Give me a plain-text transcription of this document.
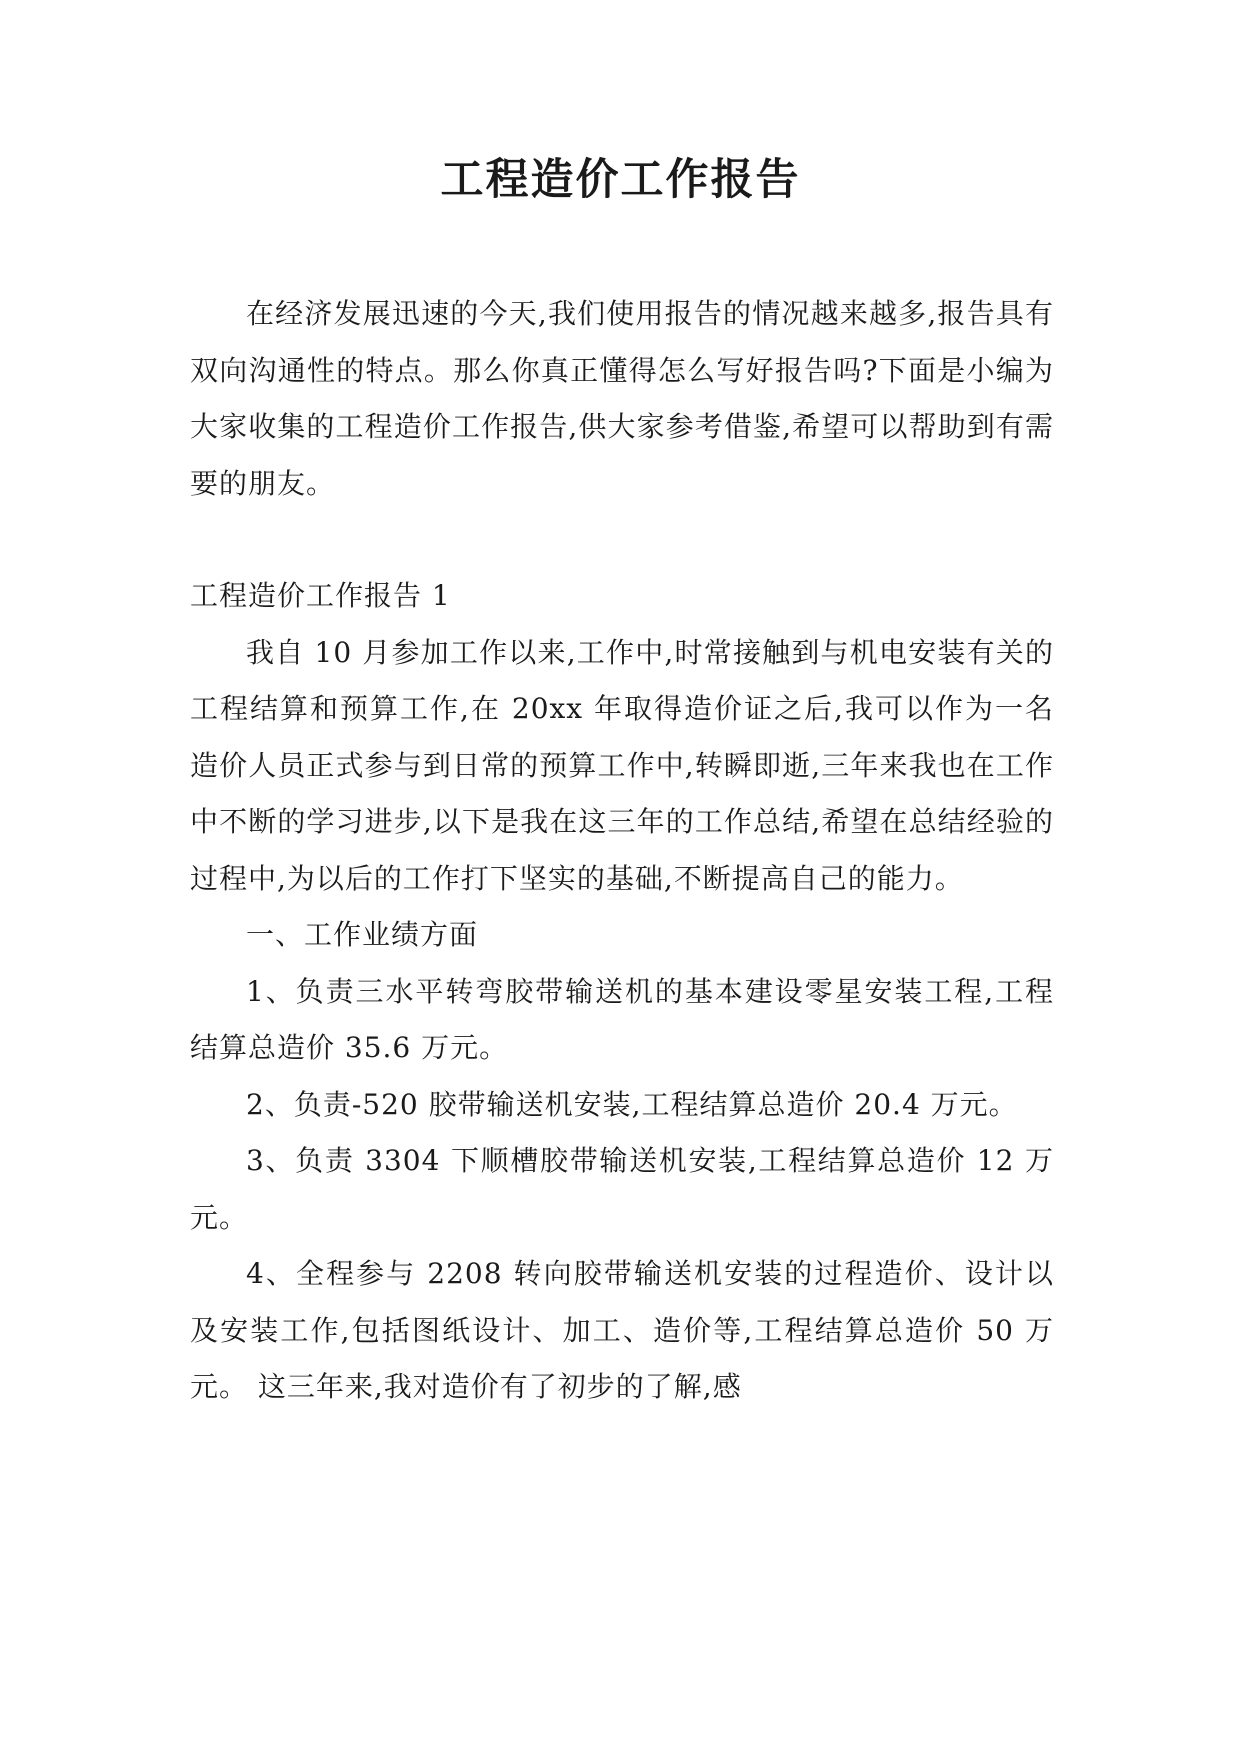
工程造价工作报告

在经济发展迅速的今天,我们使用报告的情况越来越多,报告具有双向沟通性的特点。那么你真正懂得怎么写好报告吗?下面是小编为大家收集的工程造价工作报告,供大家参考借鉴,希望可以帮助到有需要的朋友。

工程造价工作报告 1

我自 10 月参加工作以来,工作中,时常接触到与机电安装有关的工程结算和预算工作,在 20xx 年取得造价证之后,我可以作为一名造价人员正式参与到日常的预算工作中,转瞬即逝,三年来我也在工作中不断的学习进步,以下是我在这三年的工作总结,希望在总结经验的过程中,为以后的工作打下坚实的基础,不断提高自己的能力。

一、工作业绩方面

1、负责三水平转弯胶带输送机的基本建设零星安装工程,工程结算总造价 35.6 万元。

2、负责-520 胶带输送机安装,工程结算总造价 20.4 万元。

3、负责 3304 下顺槽胶带输送机安装,工程结算总造价 12 万元。

4、全程参与 2208 转向胶带输送机安装的过程造价、设计以及安装工作,包括图纸设计、加工、造价等,工程结算总造价 50 万元。 这三年来,我对造价有了初步的了解,感
